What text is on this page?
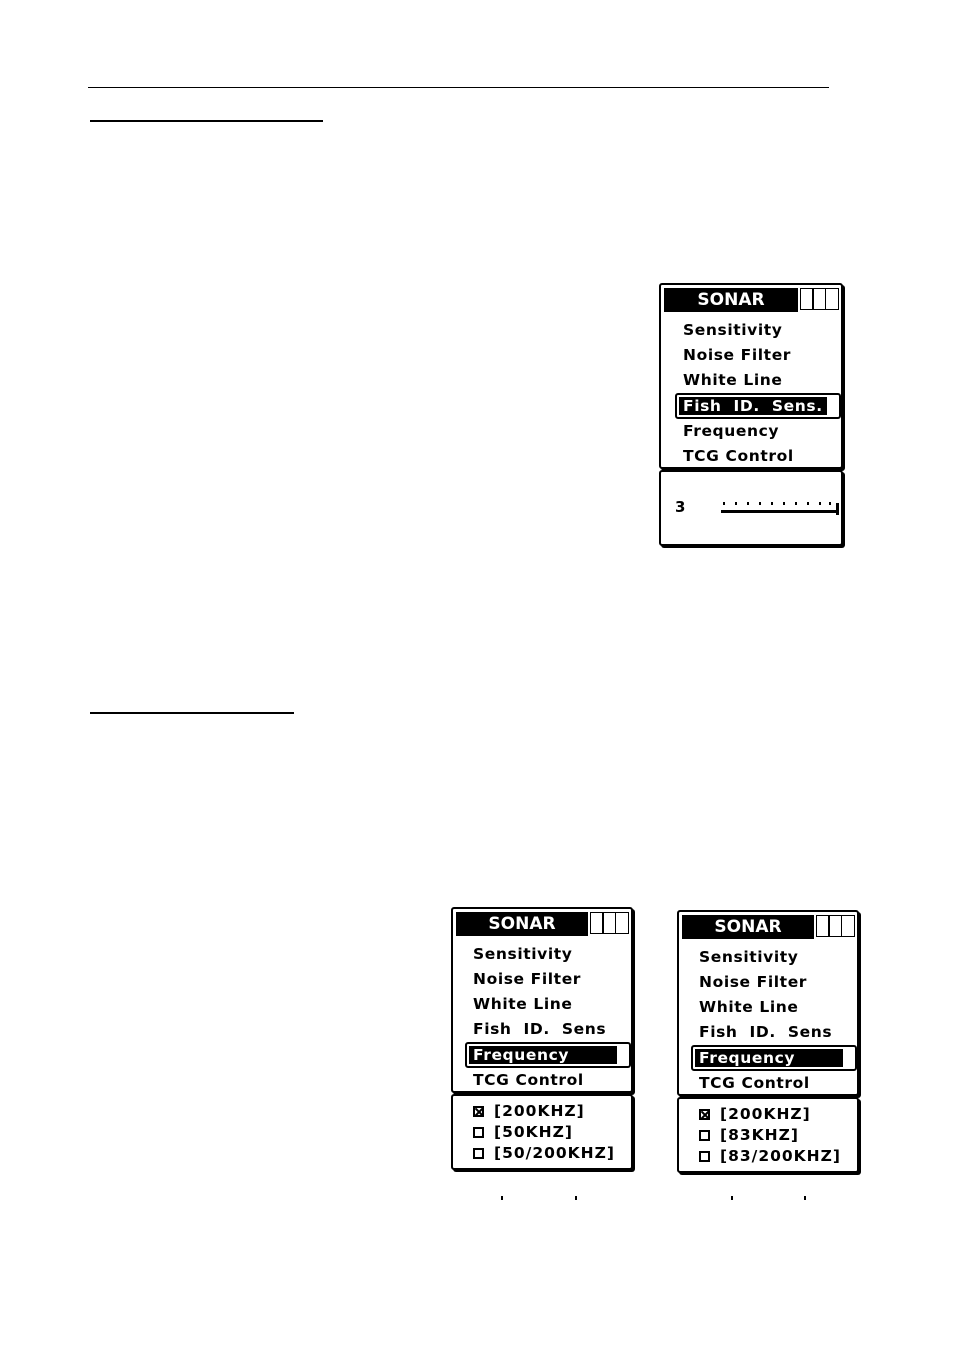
SONAR
Sensitivity
Noise Filter
White Line
Fish  ID.  Sens.
Frequency
TCG Control
3
SONAR
Sensitivity
Noise Filter
White Line
Fish  ID.  Sens
Frequency
TCG Control
[200KHZ]
[50KHZ]
[50/200KHZ]
SONAR
Sensitivity
Noise Filter
White Line
Fish  ID.  Sens
Frequency
TCG Control
[200KHZ]
[83KHZ]
[83/200KHZ]
